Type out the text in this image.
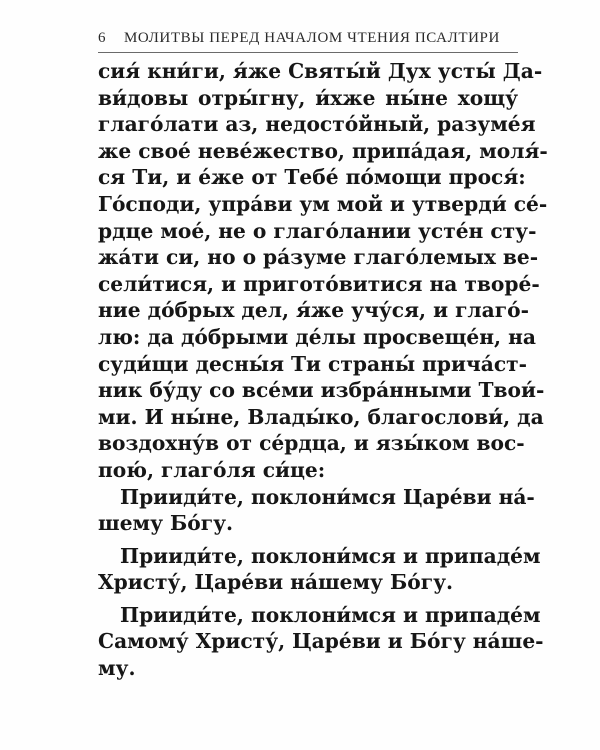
6 МОЛИТВЫ ПЕРЕД НАЧАЛОМ ЧТЕНИЯ ПСАЛТИРИ
сия́ кни́ги, я́же Святы́й Дух усты́ Да-
ви́довы отры́гну, и́хже ны́не хощу́
глаго́лати аз, недосто́йный, разуме́я
же свое́ неве́жество, припа́дая, моля́-
ся Ти, и е́же от Тебе́ по́мощи прося́:
Го́споди, упра́ви ум мой и утверди́ се́-
рдце мое́, не о глаго́лании усте́н сту-
жа́ти си, но о ра́зуме глаго́лемых ве-
сели́тися, и пригото́витися на творе́-
ние до́брых дел, я́же учу́ся, и глаго́-
лю: да до́брыми де́лы просвеще́н, на
суди́щи десны́я Ти страны́ прича́ст-
ник бу́ду со все́ми избра́нными Твои́-
ми. И ны́не, Влады́ко, благослови́, да
воздохну́в от се́рдца, и язы́ком вос-
пою́, глаго́ля си́це:
Прииди́те, поклони́мся Царе́ви на́-
шему Бо́гу.
Прииди́те, поклони́мся и припаде́м
Христу́, Царе́ви на́шему Бо́гу.
Прииди́те, поклони́мся и припаде́м
Самому́ Христу́, Царе́ви и Бо́гу на́ше-
му.
